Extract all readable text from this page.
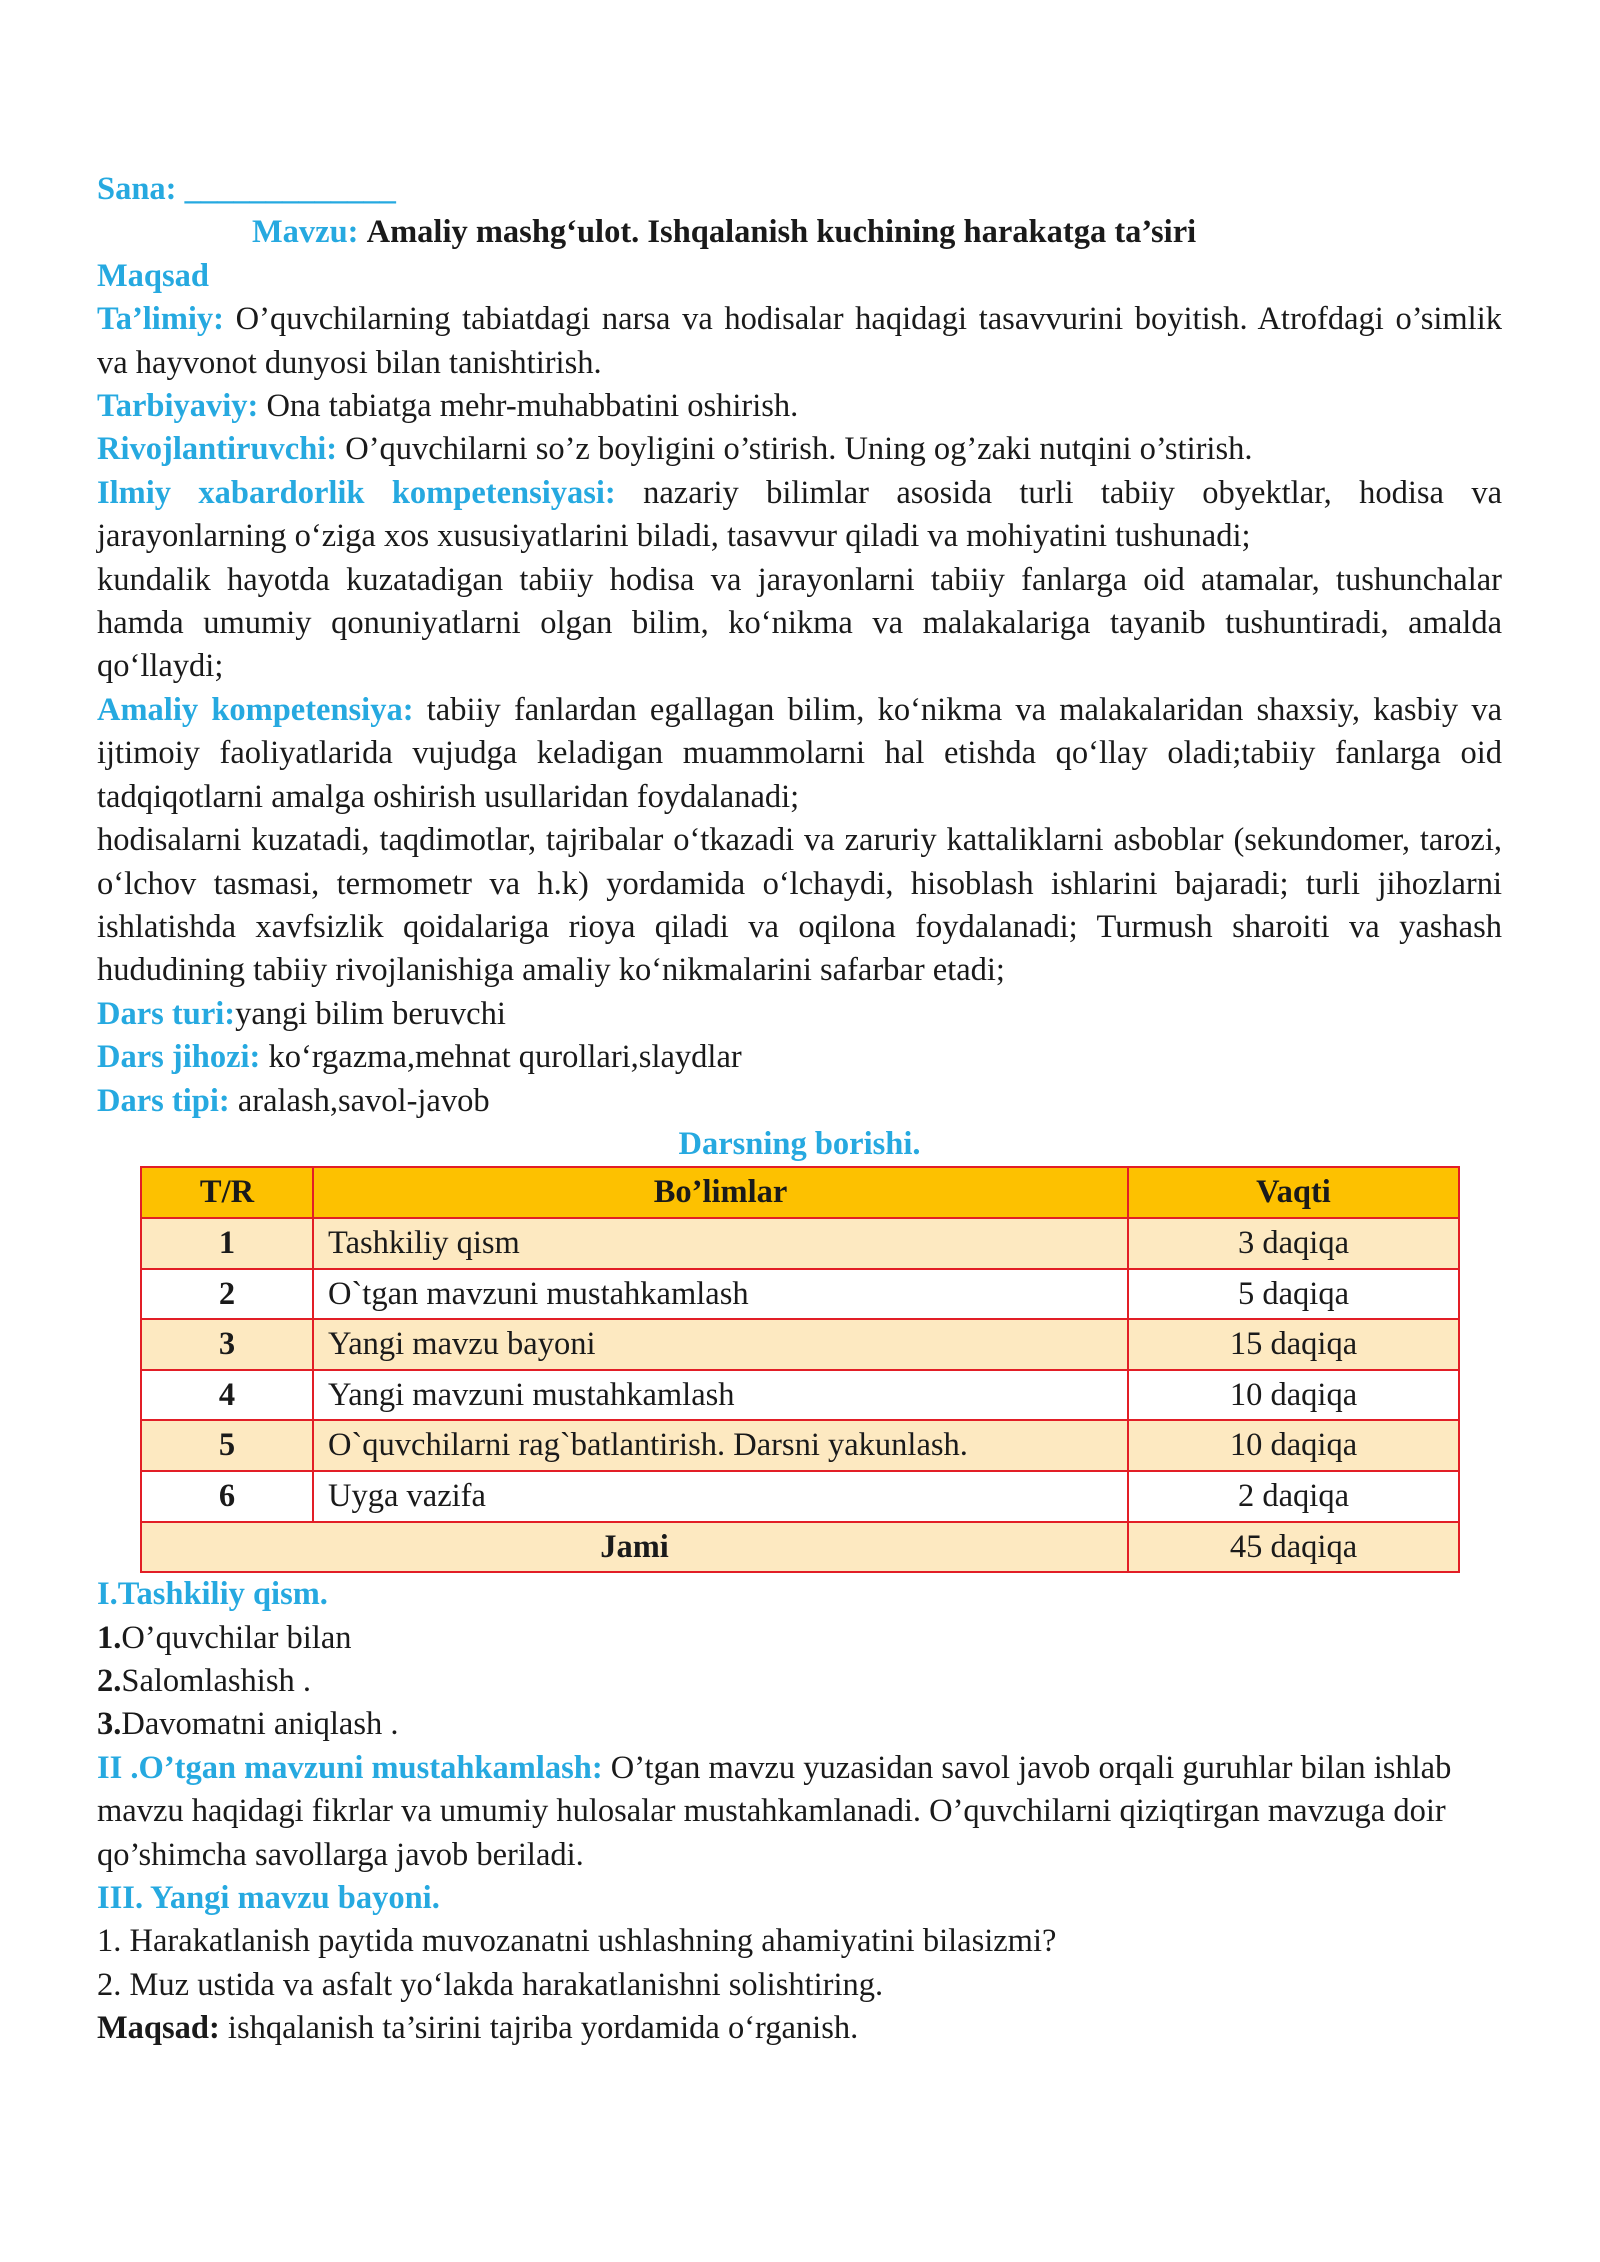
Sana: _____________

Mavzu: Amaliy mashg‘ulot. Ishqalanish kuchining harakatga ta’siri

Maqsad

Ta’limiy: O’quvchilarning tabiatdagi narsa va hodisalar haqidagi tasavvurini boyitish. Atrofdagi o’simlik va hayvonot dunyosi bilan tanishtirish.

Tarbiyaviy: Ona tabiatga mehr-muhabbatini oshirish.

Rivojlantiruvchi: O’quvchilarni so’z boyligini o’stirish. Uning og’zaki nutqini o’stirish.

Ilmiy xabardorlik kompetensiyasi: nazariy bilimlar asosida turli tabiiy obyektlar, hodisa va jarayonlarning o‘ziga xos xususiyatlarini biladi, tasavvur qiladi va mohiyatini tushunadi;

kundalik hayotda kuzatadigan tabiiy hodisa va jarayonlarni tabiiy fanlarga oid atamalar, tushunchalar hamda umumiy qonuniyatlarni olgan bilim, ko‘nikma va malakalariga tayanib tushuntiradi, amalda qo‘llaydi;

Amaliy kompetensiya: tabiiy fanlardan egallagan bilim, ko‘nikma va malakalaridan shaxsiy, kasbiy va ijtimoiy faoliyatlarida vujudga keladigan muammolarni hal etishda qo‘llay oladi;tabiiy fanlarga oid tadqiqotlarni amalga oshirish usullaridan foydalanadi;

hodisalarni kuzatadi, taqdimotlar, tajribalar o‘tkazadi va zaruriy kattaliklarni asboblar (sekundomer, tarozi, o‘lchov tasmasi, termometr va h.k) yordamida o‘lchaydi, hisoblash ishlarini bajaradi; turli jihozlarni ishlatishda xavfsizlik qoidalariga rioya qiladi va oqilona foydalanadi; Turmush sharoiti va yashash hududining tabiiy rivojlanishiga amaliy ko‘nikmalarini safarbar etadi;

Dars turi:yangi bilim beruvchi

Dars jihozi: ko‘rgazma,mehnat qurollari,slaydlar

Dars tipi: aralash,savol-javob

Darsning borishi.

T/R	Bo’limlar	Vaqti
1	Tashkiliy qism	3 daqiqa
2	O`tgan mavzuni mustahkamlash	5 daqiqa
3	Yangi mavzu bayoni	15 daqiqa
4	Yangi mavzuni mustahkamlash	10 daqiqa
5	O`quvchilarni rag`batlantirish. Darsni yakunlash.	10 daqiqa
6	Uyga vazifa	2 daqiqa
Jami		45 daqiqa

I.Tashkiliy qism.

1.O’quvchilar bilan

2.Salomlashish .

3.Davomatni aniqlash .

II .O’tgan mavzuni mustahkamlash: O’tgan mavzu yuzasidan savol javob orqali guruhlar bilan ishlab mavzu haqidagi fikrlar va umumiy hulosalar mustahkamlanadi. O’quvchilarni qiziqtirgan mavzuga doir qo’shimcha savollarga javob beriladi.

III. Yangi mavzu bayoni.

1. Harakatlanish paytida muvozanatni ushlashning ahamiyatini bilasizmi?

2. Muz ustida va asfalt yo‘lakda harakatlanishni solishtiring.

Maqsad: ishqalanish ta’sirini tajriba yordamida o‘rganish.
